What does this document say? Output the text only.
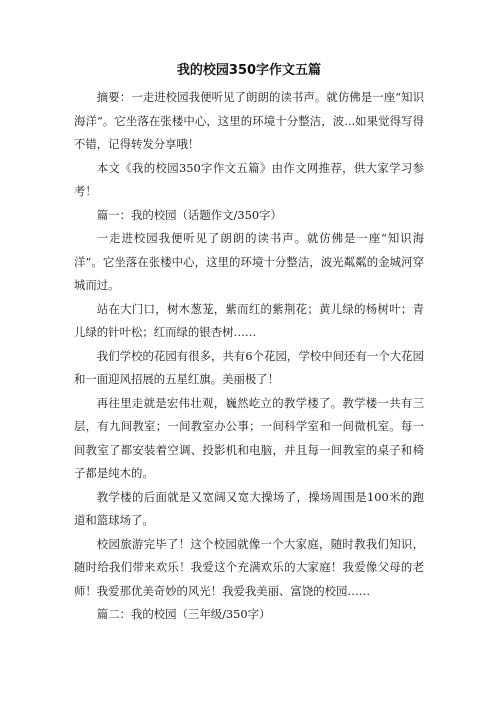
我的校园350字作文五篇

摘要：一走进校园我便听见了朗朗的读书声。就仿佛是一座“知识海洋”。它坐落在张楼中心，这里的环境十分整洁，波...如果觉得写得不错，记得转发分享哦！

本文《我的校园350字作文五篇》由作文网推荐，供大家学习参考！

篇一：我的校园（话题作文/350字）

一走进校园我便听见了朗朗的读书声。就仿佛是一座“知识海洋”。它坐落在张楼中心，这里的环境十分整洁，波光粼粼的金城河穿城而过。

站在大门口，树木葱茏，紫而红的紫荆花；黄儿绿的杨树叶；青儿绿的针叶松；红而绿的银杏树……

我们学校的花园有很多，共有6个花园，学校中间还有一个大花园和一面迎风招展的五星红旗。美丽极了！

再往里走就是宏伟壮观，巍然屹立的教学楼了。教学楼一共有三层，有九间教室；一间教室办公事；一间科学室和一间微机室。每一间教室了都安装着空调、投影机和电脑，并且每一间教室的桌子和椅子都是纯木的。

教学楼的后面就是又宽阔又宽大操场了，操场周围是100米的跑道和篮球场了。

校园旅游完毕了！这个校园就像一个大家庭，随时教我们知识，随时给我们带来欢乐！我爱这个充满欢乐的大家庭！我爱像父母的老师！我爱那优美奇妙的风光！我爱我美丽、富饶的校园……

篇二：我的校园（三年级/350字）
